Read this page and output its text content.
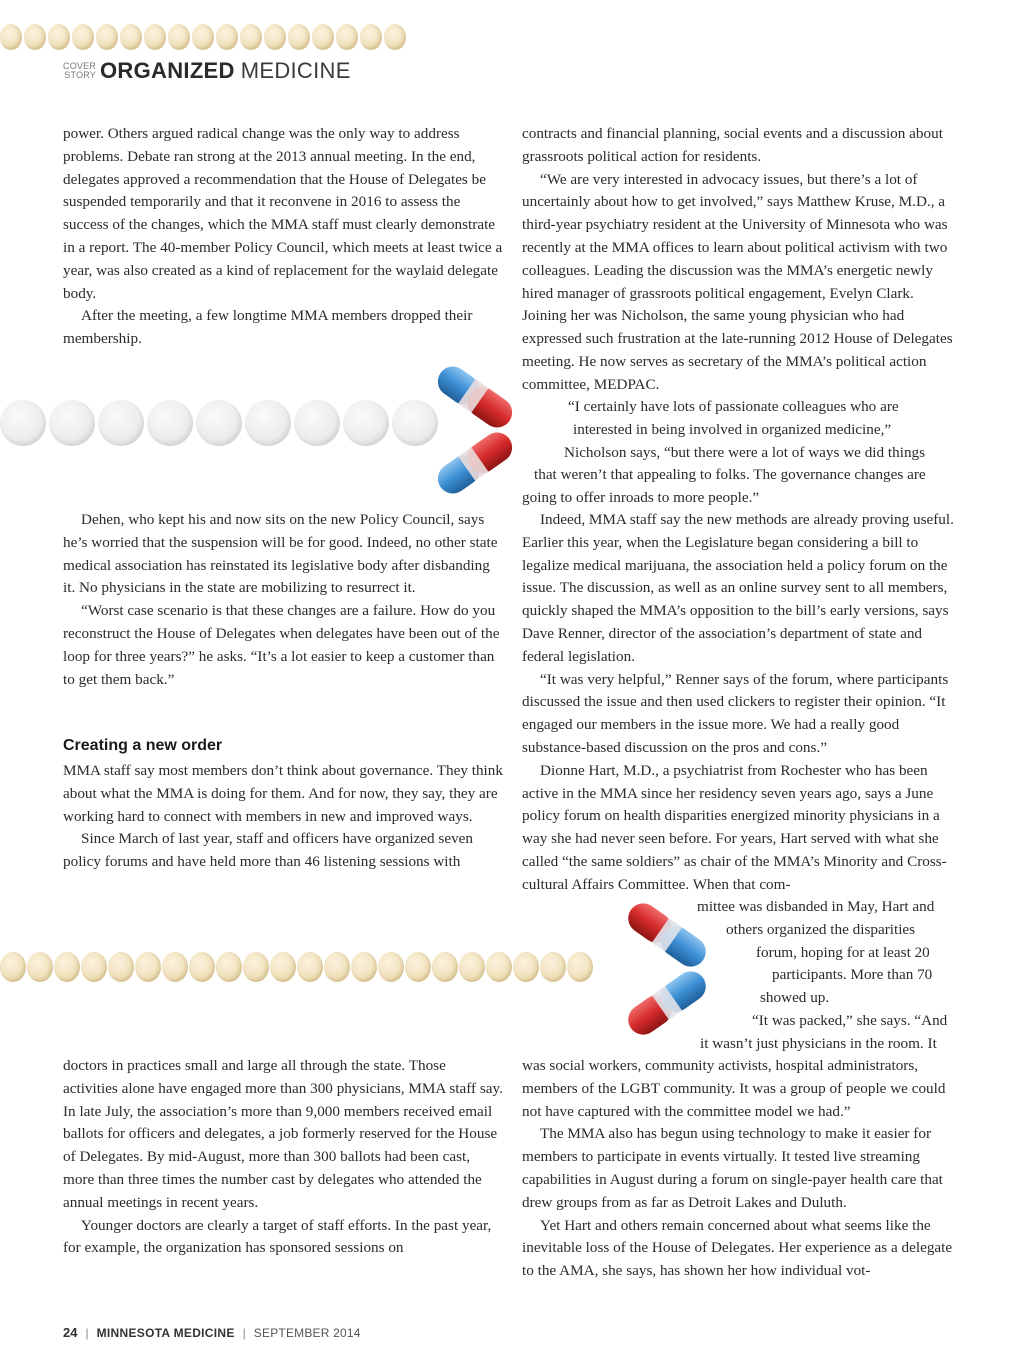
COVER
STORY ORGANIZED MEDICINE

power. Others argued radical change was the only way to address problems. Debate ran strong at the 2013 annual meeting. In the end, delegates approved a recommendation that the House of Delegates be suspended temporarily and that it reconvene in 2016 to assess the success of the changes, which the MMA staff must clearly demonstrate in a report. The 40-member Policy Council, which meets at least twice a year, was also created as a kind of replacement for the waylaid delegate body.

After the meeting, a few longtime MMA members dropped their membership.

Dehen, who kept his and now sits on the new Policy Council, says he’s worried that the suspension will be for good. Indeed, no other state medical association has reinstated its legislative body after disbanding it. No physicians in the state are mobilizing to resurrect it.

“Worst case scenario is that these changes are a failure. How do you reconstruct the House of Delegates when delegates have been out of the loop for three years?” he asks. “It’s a lot easier to keep a customer than to get them back.”

Creating a new order

MMA staff say most members don’t think about governance. They think about what the MMA is doing for them. And for now, they say, they are working hard to connect with members in new and improved ways.

Since March of last year, staff and officers have organized seven policy forums and have held more than 46 listening sessions with

doctors in practices small and large all through the state. Those activities alone have engaged more than 300 physicians, MMA staff say. In late July, the association’s more than 9,000 members received email ballots for officers and delegates, a job formerly reserved for the House of Delegates. By mid-August, more than 300 ballots had been cast, more than three times the number cast by delegates who attended the annual meetings in recent years.

Younger doctors are clearly a target of staff efforts. In the past year, for example, the organization has sponsored sessions on

contracts and financial planning, social events and a discussion about grassroots political action for residents.

“We are very interested in advocacy issues, but there’s a lot of uncertainly about how to get involved,” says Matthew Kruse, M.D., a third-year psychiatry resident at the University of Minnesota who was recently at the MMA offices to learn about political activism with two colleagues. Leading the discussion was the MMA’s energetic newly hired manager of grassroots political engagement, Evelyn Clark. Joining her was Nicholson, the same young physician who had expressed such frustration at the late-running 2012 House of Delegates meeting. He now serves as secretary of the MMA’s political action committee, MEDPAC.

“I certainly have lots of passionate colleagues who are
interested in being involved in organized medicine,”
Nicholson says, “but there were a lot of ways we did things
that weren’t that appealing to folks. The governance changes are
going to offer inroads to more people.”

Indeed, MMA staff say the new methods are already proving useful. Earlier this year, when the Legislature began considering a bill to legalize medical marijuana, the association held a policy forum on the issue. The discussion, as well as an online survey sent to all members, quickly shaped the MMA’s opposition to the bill’s early versions, says Dave Renner, director of the association’s department of state and federal legislation.

“It was very helpful,” Renner says of the forum, where participants discussed the issue and then used clickers to register their opinion. “It engaged our members in the issue more. We had a really good substance-based discussion on the pros and cons.”

Dionne Hart, M.D., a psychiatrist from Rochester who has been active in the MMA since her residency seven years ago, says a June policy forum on health disparities energized minority physicians in a way she had never seen before. For years, Hart served with what she called “the same soldiers” as chair of the MMA’s Minority and Cross-cultural Affairs Committee. When that com-

mittee was disbanded in May, Hart and
others organized the disparities
forum, hoping for at least 20
participants. More than 70
showed up.
“It was packed,” she says. “And
it wasn’t just physicians in the room. It

was social workers, community activists, hospital administrators, members of the LGBT community. It was a group of people we could not have captured with the committee model we had.”

The MMA also has begun using technology to make it easier for members to participate in events virtually. It tested live streaming capabilities in August during a forum on single-payer health care that drew groups from as far as Detroit Lakes and Duluth.

Yet Hart and others remain concerned about what seems like the inevitable loss of the House of Delegates. Her experience as a delegate to the AMA, she says, has shown her how individual vot-

24 | MINNESOTA MEDICINE | SEPTEMBER 2014
